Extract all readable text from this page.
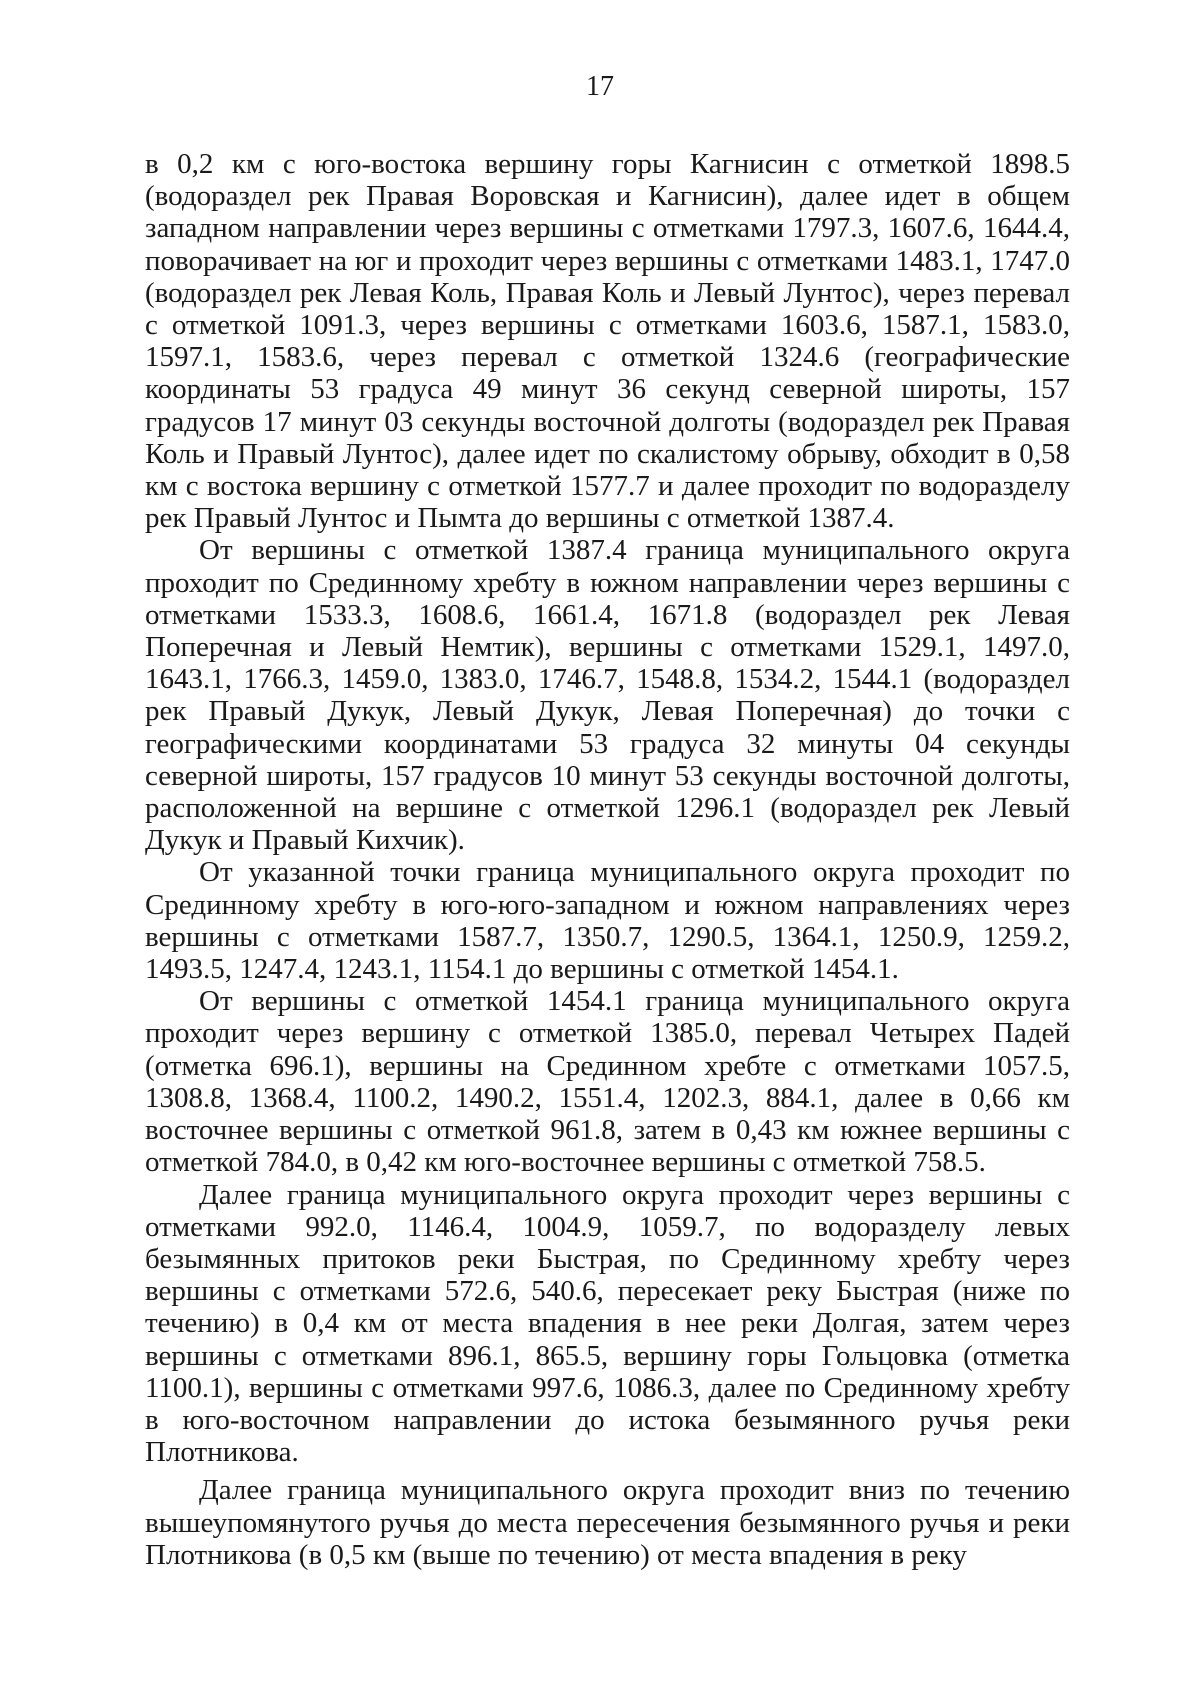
17

в 0,2 км с юго-востока вершину горы Кагнисин с отметкой 1898.5 (водораздел рек Правая Воровская и Кагнисин), далее идет в общем западном направлении через вершины с отметками 1797.3, 1607.6, 1644.4, поворачивает на юг и проходит через вершины с отметками 1483.1, 1747.0 (водораздел рек Левая Коль, Правая Коль и Левый Лунтос), через перевал с отметкой 1091.3, через вершины с отметками 1603.6, 1587.1, 1583.0, 1597.1, 1583.6, через перевал с отметкой 1324.6 (географические координаты 53 градуса 49 минут 36 секунд северной широты, 157 градусов 17 минут 03 секунды восточной долготы (водораздел рек Правая Коль и Правый Лунтос), далее идет по скалистому обрыву, обходит в 0,58 км с востока вершину с отметкой 1577.7 и далее проходит по водоразделу рек Правый Лунтос и Пымта до вершины с отметкой 1387.4.

От вершины с отметкой 1387.4 граница муниципального округа проходит по Срединному хребту в южном направлении через вершины с отметками 1533.3, 1608.6, 1661.4, 1671.8 (водораздел рек Левая Поперечная и Левый Немтик), вершины с отметками 1529.1, 1497.0, 1643.1, 1766.3, 1459.0, 1383.0, 1746.7, 1548.8, 1534.2, 1544.1 (водораздел рек Правый Дукук, Левый Дукук, Левая Поперечная) до точки с географическими координатами 53 градуса 32 минуты 04 секунды северной широты, 157 градусов 10 минут 53 секунды восточной долготы, расположенной на вершине с отметкой 1296.1 (водораздел рек Левый Дукук и Правый Кихчик).

От указанной точки граница муниципального округа проходит по Срединному хребту в юго-юго-западном и южном направлениях через вершины с отметками 1587.7, 1350.7, 1290.5, 1364.1, 1250.9, 1259.2, 1493.5, 1247.4, 1243.1, 1154.1 до вершины с отметкой 1454.1.

От вершины с отметкой 1454.1 граница муниципального округа проходит через вершину с отметкой 1385.0, перевал Четырех Падей (отметка 696.1), вершины на Срединном хребте с отметками 1057.5, 1308.8, 1368.4, 1100.2, 1490.2, 1551.4, 1202.3, 884.1, далее в 0,66 км восточнее вершины с отметкой 961.8, затем в 0,43 км южнее вершины с отметкой 784.0, в 0,42 км юго-восточнее вершины с отметкой 758.5.

Далее граница муниципального округа проходит через вершины с отметками 992.0, 1146.4, 1004.9, 1059.7, по водоразделу левых безымянных притоков реки Быстрая, по Срединному хребту через вершины с отметками 572.6, 540.6, пересекает реку Быстрая (ниже по течению) в 0,4 км от места впадения в нее реки Долгая, затем через вершины с отметками 896.1, 865.5, вершину горы Гольцовка (отметка 1100.1), вершины с отметками 997.6, 1086.3, далее по Срединному хребту в юго-восточном направлении до истока безымянного ручья реки Плотникова.

Далее граница муниципального округа проходит вниз по течению вышеупомянутого ручья до места пересечения безымянного ручья и реки Плотникова (в 0,5 км (выше по течению) от места впадения в реку
